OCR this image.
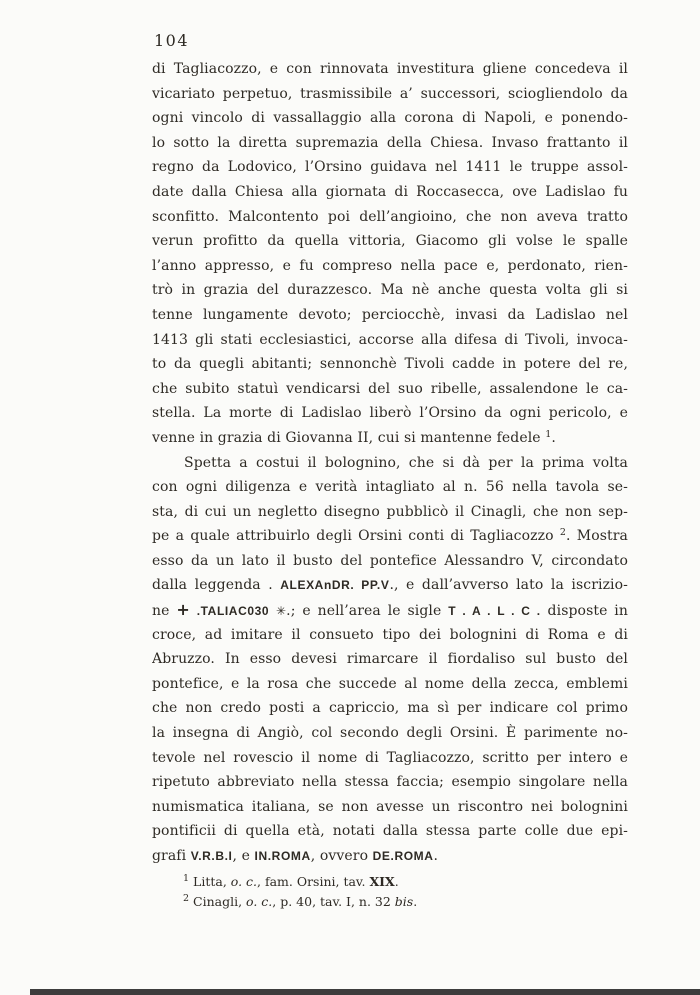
104
di Tagliacozzo, e con rinnovata investitura gliene concedeva il
vicariato perpetuo, trasmissibile a’ successori, sciogliendolo da
ogni vincolo di vassallaggio alla corona di Napoli, e ponendo-
lo sotto la diretta supremazia della Chiesa. Invaso frattanto il
regno da Lodovico, l’Orsino guidava nel 1411 le truppe assol-
date dalla Chiesa alla giornata di Roccasecca, ove Ladislao fu
sconfitto. Malcontento poi dell’angioino, che non aveva tratto
verun profitto da quella vittoria, Giacomo gli volse le spalle
l’anno appresso, e fu compreso nella pace e, perdonato, rien-
trò in grazia del durazzesco. Ma nè anche questa volta gli si
tenne lungamente devoto; perciocchè, invasi da Ladislao nel
1413 gli stati ecclesiastici, accorse alla difesa di Tivoli, invoca-
to da quegli abitanti; sennonchè Tivoli cadde in potere del re,
che subito statuì vendicarsi del suo ribelle, assalendone le ca-
stella. La morte di Ladislao liberò l’Orsino da ogni pericolo, e
venne in grazia di Giovanna II, cui si mantenne fedele $^1$.
Spetta a costui il bolognino, che si dà per la prima volta
con ogni diligenza e verità intagliato al n. 56 nella tavola se-
sta, di cui un negletto disegno pubblicò il Cinagli, che non sep-
pe a quale attribuirlo degli Orsini conti di Tagliacozzo $^2$. Mostra
esso da un lato il busto del pontefice Alessandro V, circondato
dalla leggenda . ALEXAnDR. PP.V., e dall’avverso lato la iscrizio-
ne + .TALIAC030 ✳.; e nell’area le sigle T . A . L . C . disposte in
croce, ad imitare il consueto tipo dei bolognini di Roma e di
Abruzzo. In esso devesi rimarcare il fiordaliso sul busto del
pontefice, e la rosa che succede al nome della zecca, emblemi
che non credo posti a capriccio, ma sì per indicare col primo
la insegna di Angiò, col secondo degli Orsini. È parimente no-
tevole nel rovescio il nome di Tagliacozzo, scritto per intero e
ripetuto abbreviato nella stessa faccia; esempio singolare nella
numismatica italiana, se non avesse un riscontro nei bolognini
pontificii di quella età, notati dalla stessa parte colle due epi-
grafi V.R.B.I, e IN.ROMA, ovvero DE.ROMA.
$^1$ Litta, o. c., fam. Orsini, tav. XIX.
$^2$ Cinagli, o. c., p. 40, tav. I, n. 32 bis.
